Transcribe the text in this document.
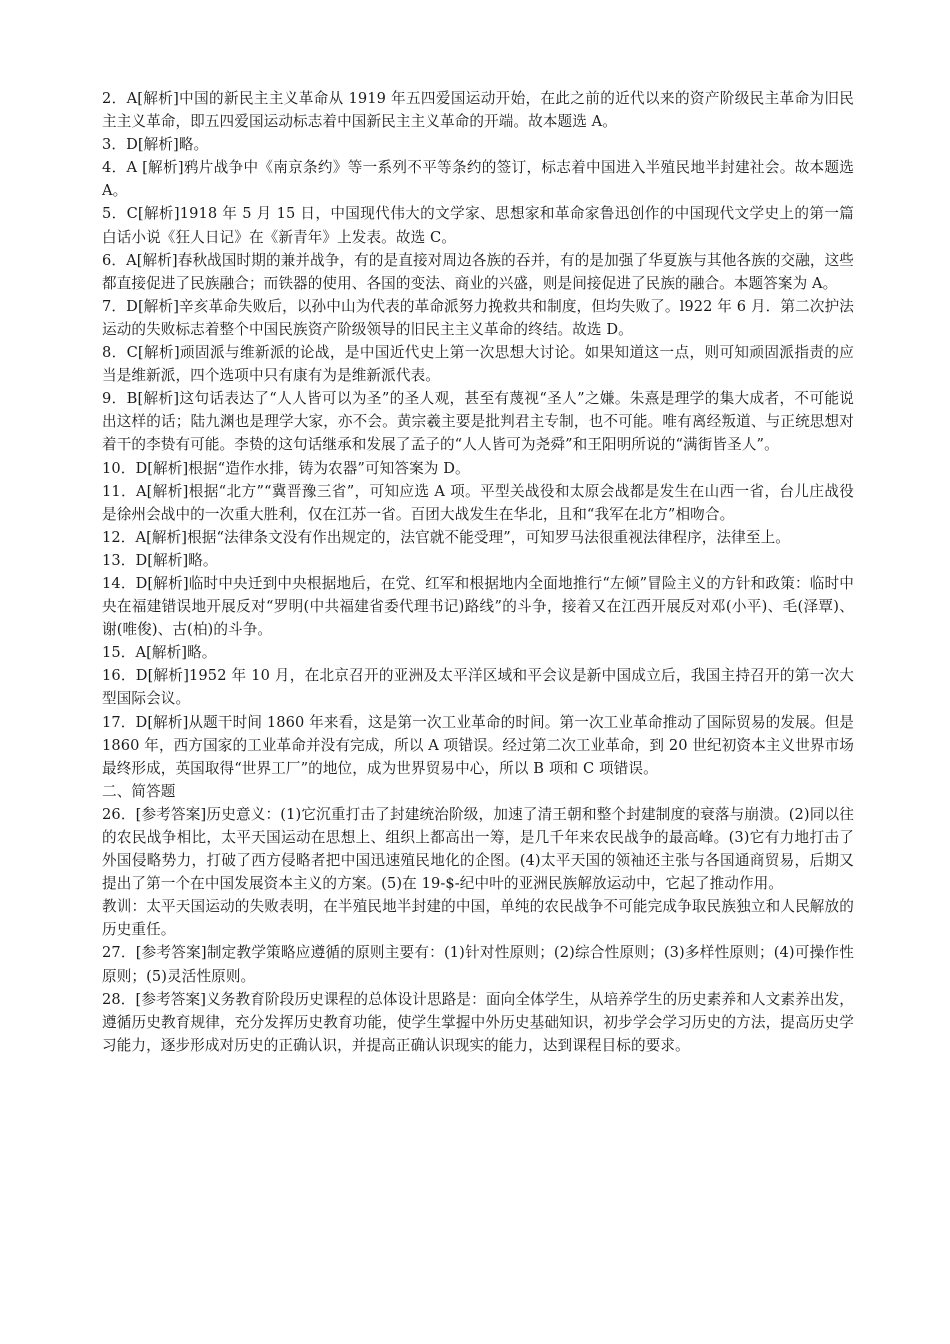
2．A[解析]中国的新民主主义革命从 1919 年五四爱国运动开始，在此之前的近代以来的资产阶级民主革命为旧民主主义革命，即五四爱国运动标志着中国新民主主义革命的开端。故本题选 A。

3．D[解析]略。

4．A [解析]鸦片战争中《南京条约》等一系列不平等条约的签订，标志着中国进入半殖民地半封建社会。故本题选 A。

5．C[解析]1918 年 5 月 15 日，中国现代伟大的文学家、思想家和革命家鲁迅创作的中国现代文学史上的第一篇白话小说《狂人日记》在《新青年》上发表。故选 C。

6．A[解析]春秋战国时期的兼并战争，有的是直接对周边各族的吞并，有的是加强了华夏族与其他各族的交融，这些都直接促进了民族融合；而铁器的使用、各国的变法、商业的兴盛，则是间接促进了民族的融合。本题答案为 A。

7．D[解析]辛亥革命失败后，以孙中山为代表的革命派努力挽救共和制度，但均失败了。l922 年 6 月．第二次护法运动的失败标志着整个中国民族资产阶级领导的旧民主主义革命的终结。故选 D。

8．C[解析]顽固派与维新派的论战，是中国近代史上第一次思想大讨论。如果知道这一点，则可知顽固派指责的应当是维新派，四个选项中只有康有为是维新派代表。

9．B[解析]这句话表达了“人人皆可以为圣”的圣人观，甚至有蔑视“圣人”之嫌。朱熹是理学的集大成者，不可能说出这样的话；陆九渊也是理学大家，亦不会。黄宗羲主要是批判君主专制，也不可能。唯有离经叛道、与正统思想对着干的李贽有可能。李贽的这句话继承和发展了孟子的“人人皆可为尧舜”和王阳明所说的“满街皆圣人”。

10．D[解析]根据“造作水排，铸为农器”可知答案为 D。

11．A[解析]根据“北方”“冀晋豫三省”，可知应选 A 项。平型关战役和太原会战都是发生在山西一省，台儿庄战役是徐州会战中的一次重大胜利，仅在江苏一省。百团大战发生在华北，且和“我军在北方”相吻合。

12．A[解析]根据“法律条文没有作出规定的，法官就不能受理”，可知罗马法很重视法律程序，法律至上。

13．D[解析]略。

14．D[解析]临时中央迁到中央根据地后，在党、红军和根据地内全面地推行“左倾”冒险主义的方针和政策：临时中央在福建错误地开展反对“罗明(中共福建省委代理书记)路线”的斗争，接着又在江西开展反对邓(小平)、毛(泽覃)、谢(唯俊)、古(柏)的斗争。

15．A[解析]略。

16．D[解析]1952 年 10 月，在北京召开的亚洲及太平洋区域和平会议是新中国成立后，我国主持召开的第一次大型国际会议。

17．D[解析]从题干时间 1860 年来看，这是第一次工业革命的时间。第一次工业革命推动了国际贸易的发展。但是 1860 年，西方国家的工业革命并没有完成，所以 A 项错误。经过第二次工业革命，到 20 世纪初资本主义世界市场最终形成，英国取得“世界工厂”的地位，成为世界贸易中心，所以 B 项和 C 项错误。

二、简答题

26．[参考答案]历史意义：(1)它沉重打击了封建统治阶级，加速了清王朝和整个封建制度的衰落与崩溃。(2)同以往的农民战争相比，太平天国运动在思想上、组织上都高出一筹，是几千年来农民战争的最高峰。(3)它有力地打击了外国侵略势力，打破了西方侵略者把中国迅速殖民地化的企图。(4)太平天国的领袖还主张与各国通商贸易，后期又提出了第一个在中国发展资本主义的方案。(5)在 19-$-纪中叶的亚洲民族解放运动中，它起了推动作用。

教训：太平天国运动的失败表明，在半殖民地半封建的中国，单纯的农民战争不可能完成争取民族独立和人民解放的历史重任。

27．[参考答案]制定教学策略应遵循的原则主要有：(1)针对性原则；(2)综合性原则；(3)多样性原则；(4)可操作性原则；(5)灵活性原则。

28．[参考答案]义务教育阶段历史课程的总体设计思路是：面向全体学生，从培养学生的历史素养和人文素养出发，遵循历史教育规律，充分发挥历史教育功能，使学生掌握中外历史基础知识，初步学会学习历史的方法，提高历史学习能力，逐步形成对历史的正确认识，并提高正确认识现实的能力，达到课程目标的要求。
